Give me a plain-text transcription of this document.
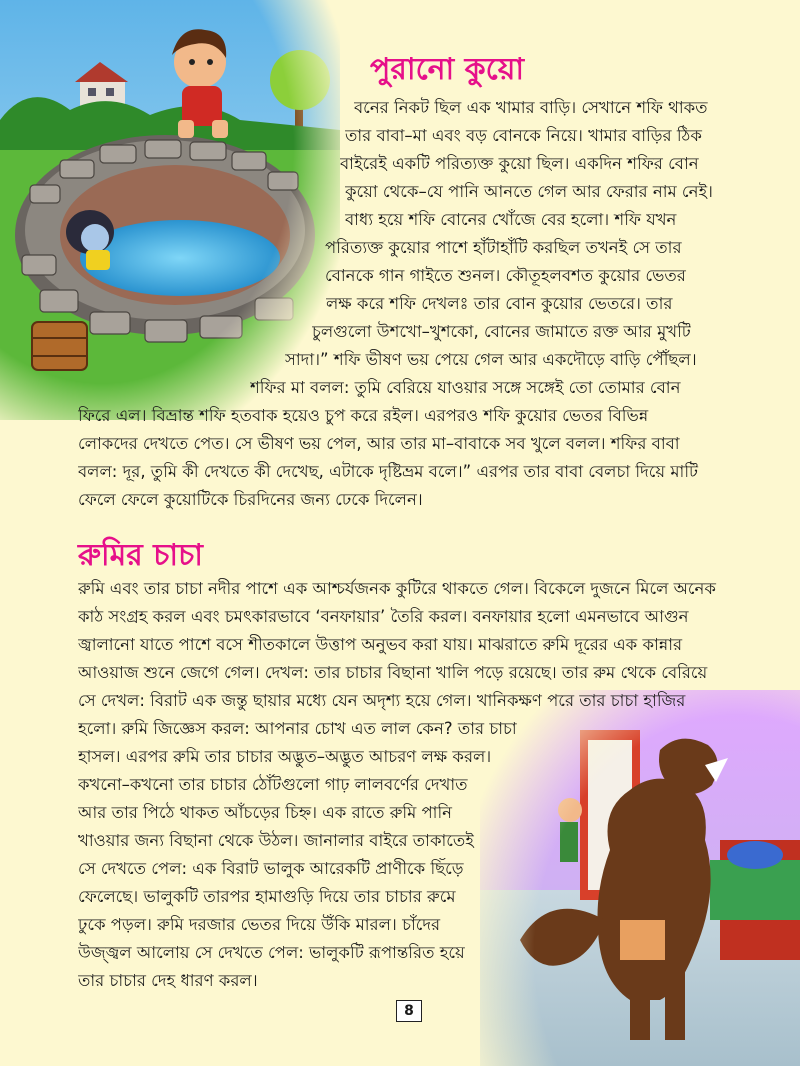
পুরানো কুয়ো
বনের নিকট ছিল এক খামার বাড়ি। সেখানে শফি থাকত
তার বাবা–মা এবং বড় বোনকে নিয়ে। খামার বাড়ির ঠিক
বাইরেই একটি পরিত্যক্ত কুয়ো ছিল। একদিন শফির বোন
কুয়ো থেকে–যে পানি আনতে গেল আর ফেরার নাম নেই।
বাধ্য হয়ে শফি বোনের খোঁজে বের হলো। শফি যখন
পরিত্যক্ত কুয়োর পাশে হাঁটাহাঁটি করছিল তখনই সে তার
বোনকে গান গাইতে শুনল। কৌতূহলবশত কুয়োর ভেতর
লক্ষ করে শফি দেখলঃ তার বোন কুয়োর ভেতরে। তার
চুলগুলো উশখো–খুশকো, বোনের জামাতে রক্ত আর মুখটি
সাদা।” শফি ভীষণ ভয় পেয়ে গেল আর একদৌড়ে বাড়ি পৌঁছল।
শফির মা বলল: তুমি বেরিয়ে যাওয়ার সঙ্গে সঙ্গেই তো তোমার বোন
ফিরে এল। বিভ্রান্ত শফি হতবাক হয়েও চুপ করে রইল। এরপরও শফি কুয়োর ভেতর বিভিন্ন
লোকদের দেখতে পেত। সে ভীষণ ভয় পেল, আর তার মা–বাবাকে সব খুলে বলল। শফির বাবা
বলল: দূর, তুমি কী দেখতে কী দেখেছ, এটাকে দৃষ্টিভ্রম বলে।” এরপর তার বাবা বেলচা দিয়ে মাটি
ফেলে ফেলে কুয়োটিকে চিরদিনের জন্য ঢেকে দিলেন।
রুমির চাচা
রুমি এবং তার চাচা নদীর পাশে এক আশ্চর্যজনক কুটিরে থাকতে গেল। বিকেলে দুজনে মিলে অনেক
কাঠ সংগ্রহ করল এবং চমৎকারভাবে ‘বনফায়ার’ তৈরি করল। বনফায়ার হলো এমনভাবে আগুন
জ্বালানো যাতে পাশে বসে শীতকালে উত্তাপ অনুভব করা যায়। মাঝরাতে রুমি দূরের এক কান্নার
আওয়াজ শুনে জেগে গেল। দেখল: তার চাচার বিছানা খালি পড়ে রয়েছে। তার রুম থেকে বেরিয়ে
সে দেখল: বিরাট এক জন্তু ছায়ার মধ্যে যেন অদৃশ্য হয়ে গেল। খানিকক্ষণ পরে তার চাচা হাজির
হলো। রুমি জিজ্ঞেস করল: আপনার চোখ এত লাল কেন? তার চাচা
হাসল। এরপর রুমি তার চাচার অদ্ভুত–অদ্ভুত আচরণ লক্ষ করল।
কখনো–কখনো তার চাচার ঠোঁটগুলো গাঢ় লালবর্ণের দেখাত
আর তার পিঠে থাকত আঁচড়ের চিহ্ন। এক রাতে রুমি পানি
খাওয়ার জন্য বিছানা থেকে উঠল। জানালার বাইরে তাকাতেই
সে দেখতে পেল: এক বিরাট ভালুক আরেকটি প্রাণীকে ছিঁড়ে
ফেলেছে। ভালুকটি তারপর হামাগুড়ি দিয়ে তার চাচার রুমে
ঢুকে পড়ল। রুমি দরজার ভেতর দিয়ে উঁকি মারল। চাঁদের
উজ্জ্বল আলোয় সে দেখতে পেল: ভালুকটি রূপান্তরিত হয়ে
তার চাচার দেহ ধারণ করল।
8
